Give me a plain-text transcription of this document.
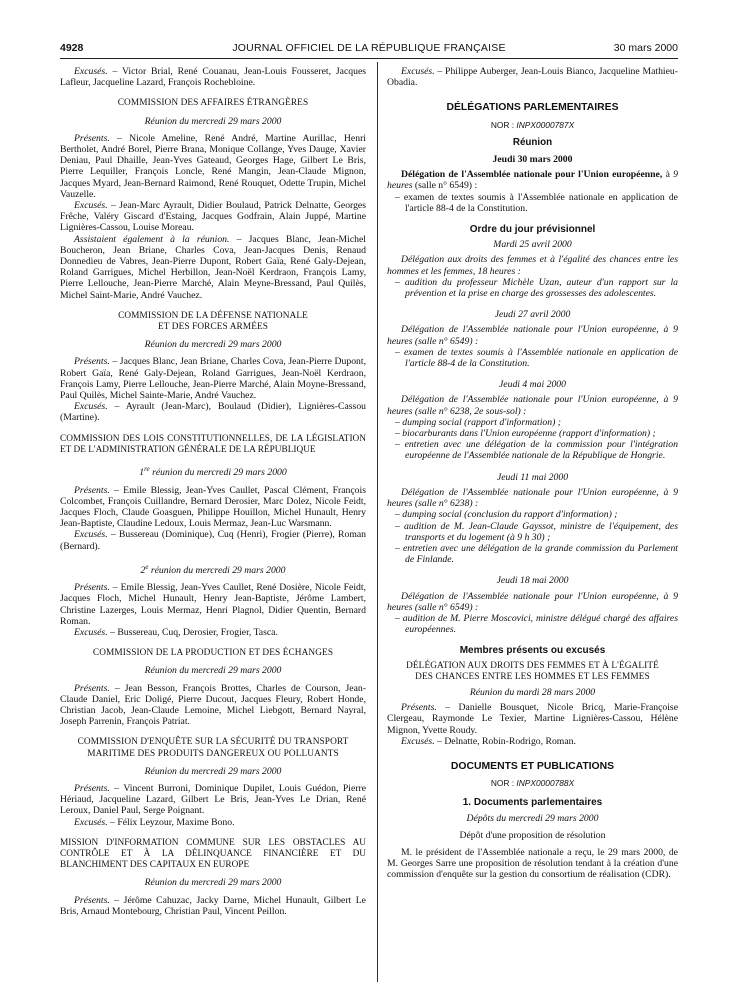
4928	JOURNAL OFFICIEL DE LA RÉPUBLIQUE FRANÇAISE	30 mars 2000

Excusés. – Victor Brial, René Couanau, Jean-Louis Fousseret, Jacques Lafleur, Jacqueline Lazard, François Rochebloine.

COMMISSION DES AFFAIRES ÉTRANGÈRES

Réunion du mercredi 29 mars 2000

Présents. – Nicole Ameline, René André, Martine Aurillac, Henri Bertholet, André Borel, Pierre Brana, Monique Collange, Yves Dauge, Xavier Deniau, Paul Dhaille, Jean-Yves Gateaud, Georges Hage, Gilbert Le Bris, Pierre Lequiller, François Loncle, René Mangin, Jean-Claude Mignon, Jacques Myard, Jean-Bernard Raimond, René Rouquet, Odette Trupin, Michel Vauzelle.

Excusés. – Jean-Marc Ayrault, Didier Boulaud, Patrick Delnatte, Georges Frêche, Valéry Giscard d'Estaing, Jacques Godfrain, Alain Juppé, Martine Lignières-Cassou, Louise Moreau.

Assistaient également à la réunion. – Jacques Blanc, Jean-Michel Boucheron, Jean Briane, Charles Cova, Jean-Jacques Denis, Renaud Donnedieu de Vabres, Jean-Pierre Dupont, Robert Gaïa, René Galy-Dejean, Roland Garrigues, Michel Herbillon, Jean-Noël Kerdraon, François Lamy, Pierre Lellouche, Jean-Pierre Marché, Alain Meyne-Bressand, Paul Quilès, Michel Saint-Marie, André Vauchez.

COMMISSION DE LA DÉFENSE NATIONALE

ET DES FORCES ARMÉES

Réunion du mercredi 29 mars 2000

Présents. – Jacques Blanc, Jean Briane, Charles Cova, Jean-Pierre Dupont, Robert Gaïa, René Galy-Dejean, Roland Garrigues, Jean-Noël Kerdraon, François Lamy, Pierre Lellouche, Jean-Pierre Marché, Alain Moyne-Bressand, Paul Quilès, Michel Sainte-Marie, André Vauchez.

Excusés. – Ayrault (Jean-Marc), Boulaud (Didier), Lignières-Cassou (Martine).

COMMISSION DES LOIS CONSTITUTIONNELLES, DE LA LÉGISLATION ET DE L'ADMINISTRATION GÉNÉRALE DE LA RÉPUBLIQUE

1re réunion du mercredi 29 mars 2000

Présents. – Emile Blessig, Jean-Yves Caullet, Pascal Clément, François Colcombet, François Cuillandre, Bernard Derosier, Marc Dolez, Nicole Feidt, Jacques Floch, Claude Goasguen, Philippe Houillon, Michel Hunault, Henry Jean-Baptiste, Claudine Ledoux, Louis Mermaz, Jean-Luc Warsmann.

Excusés. – Bussereau (Dominique), Cuq (Henri), Frogier (Pierre), Roman (Bernard).

2e réunion du mercredi 29 mars 2000

Présents. – Emile Blessig, Jean-Yves Caullet, René Dosière, Nicole Feidt, Jacques Floch, Michel Hunault, Henry Jean-Baptiste, Jérôme Lambert, Christine Lazerges, Louis Mermaz, Henri Plagnol, Didier Quentin, Bernard Roman.

Excusés. – Bussereau, Cuq, Derosier, Frogier, Tasca.

COMMISSION DE LA PRODUCTION ET DES ÉCHANGES

Réunion du mercredi 29 mars 2000

Présents. – Jean Besson, François Brottes, Charles de Courson, Jean-Claude Daniel, Eric Doligé, Pierre Ducout, Jacques Fleury, Robert Honde, Christian Jacob, Jean-Claude Lemoine, Michel Liebgott, Bernard Nayral, Joseph Parrenin, François Patriat.

COMMISSION D'ENQUÊTE SUR LA SÉCURITÉ DU TRANSPORT

MARITIME DES PRODUITS DANGEREUX OU POLLUANTS

Réunion du mercredi 29 mars 2000

Présents. – Vincent Burroni, Dominique Dupilet, Louis Guédon, Pierre Hériaud, Jacqueline Lazard, Gilbert Le Bris, Jean-Yves Le Drian, René Leroux, Daniel Paul, Serge Poignant.

Excusés. – Félix Leyzour, Maxime Bono.

MISSION D'INFORMATION COMMUNE SUR LES OBSTACLES AU CONTRÔLE ET À LA DÉLINQUANCE FINANCIÈRE ET DU BLANCHIMENT DES CAPITAUX EN EUROPE

Réunion du mercredi 29 mars 2000

Présents. – Jérôme Cahuzac, Jacky Darne, Michel Hunault, Gilbert Le Bris, Arnaud Montebourg, Christian Paul, Vincent Peillon.

Excusés. – Philippe Auberger, Jean-Louis Bianco, Jacqueline Mathieu-Obadia.

DÉLÉGATIONS PARLEMENTAIRES

NOR : INPX0000787X

Réunion

Jeudi 30 mars 2000

Délégation de l'Assemblée nationale pour l'Union européenne, à 9 heures (salle n° 6549) :

– examen de textes soumis à l'Assemblée nationale en application de l'article 88-4 de la Constitution.

Ordre du jour prévisionnel

Mardi 25 avril 2000

Délégation aux droits des femmes et à l'égalité des chances entre les hommes et les femmes, 18 heures :

– audition du professeur Michèle Uzan, auteur d'un rapport sur la prévention et la prise en charge des grossesses des adolescentes.

Jeudi 27 avril 2000

Délégation de l'Assemblée nationale pour l'Union européenne, à 9 heures (salle n° 6549) :

– examen de textes soumis à l'Assemblée nationale en application de l'article 88-4 de la Constitution.

Jeudi 4 mai 2000

Délégation de l'Assemblée nationale pour l'Union européenne, à 9 heures (salle n° 6238, 2e sous-sol) :

– dumping social (rapport d'information) ;

– biocarburants dans l'Union européenne (rapport d'information) ;

– entretien avec une délégation de la commission pour l'intégration européenne de l'Assemblée nationale de la République de Hongrie.

Jeudi 11 mai 2000

Délégation de l'Assemblée nationale pour l'Union européenne, à 9 heures (salle n° 6238) :

– dumping social (conclusion du rapport d'information) ;

– audition de M. Jean-Claude Gayssot, ministre de l'équipement, des transports et du logement (à 9 h 30) ;

– entretien avec une délégation de la grande commission du Parlement de Finlande.

Jeudi 18 mai 2000

Délégation de l'Assemblée nationale pour l'Union européenne, à 9 heures (salle n° 6549) :

– audition de M. Pierre Moscovici, ministre délégué chargé des affaires européennes.

Membres présents ou excusés

DÉLÉGATION AUX DROITS DES FEMMES ET À L'ÉGALITÉ

DES CHANCES ENTRE LES HOMMES ET LES FEMMES

Réunion du mardi 28 mars 2000

Présents. – Danielle Bousquet, Nicole Bricq, Marie-Françoise Clergeau, Raymonde Le Texier, Martine Lignières-Cassou, Hélène Mignon, Yvette Roudy.

Excusés. – Delnatte, Robin-Rodrigo, Roman.

DOCUMENTS ET PUBLICATIONS

NOR : INPX0000788X

1. Documents parlementaires

Dépôts du mercredi 29 mars 2000

Dépôt d'une proposition de résolution

M. le président de l'Assemblée nationale a reçu, le 29 mars 2000, de M. Georges Sarre une proposition de résolution tendant à la création d'une commission d'enquête sur la gestion du consortium de réalisation (CDR).
